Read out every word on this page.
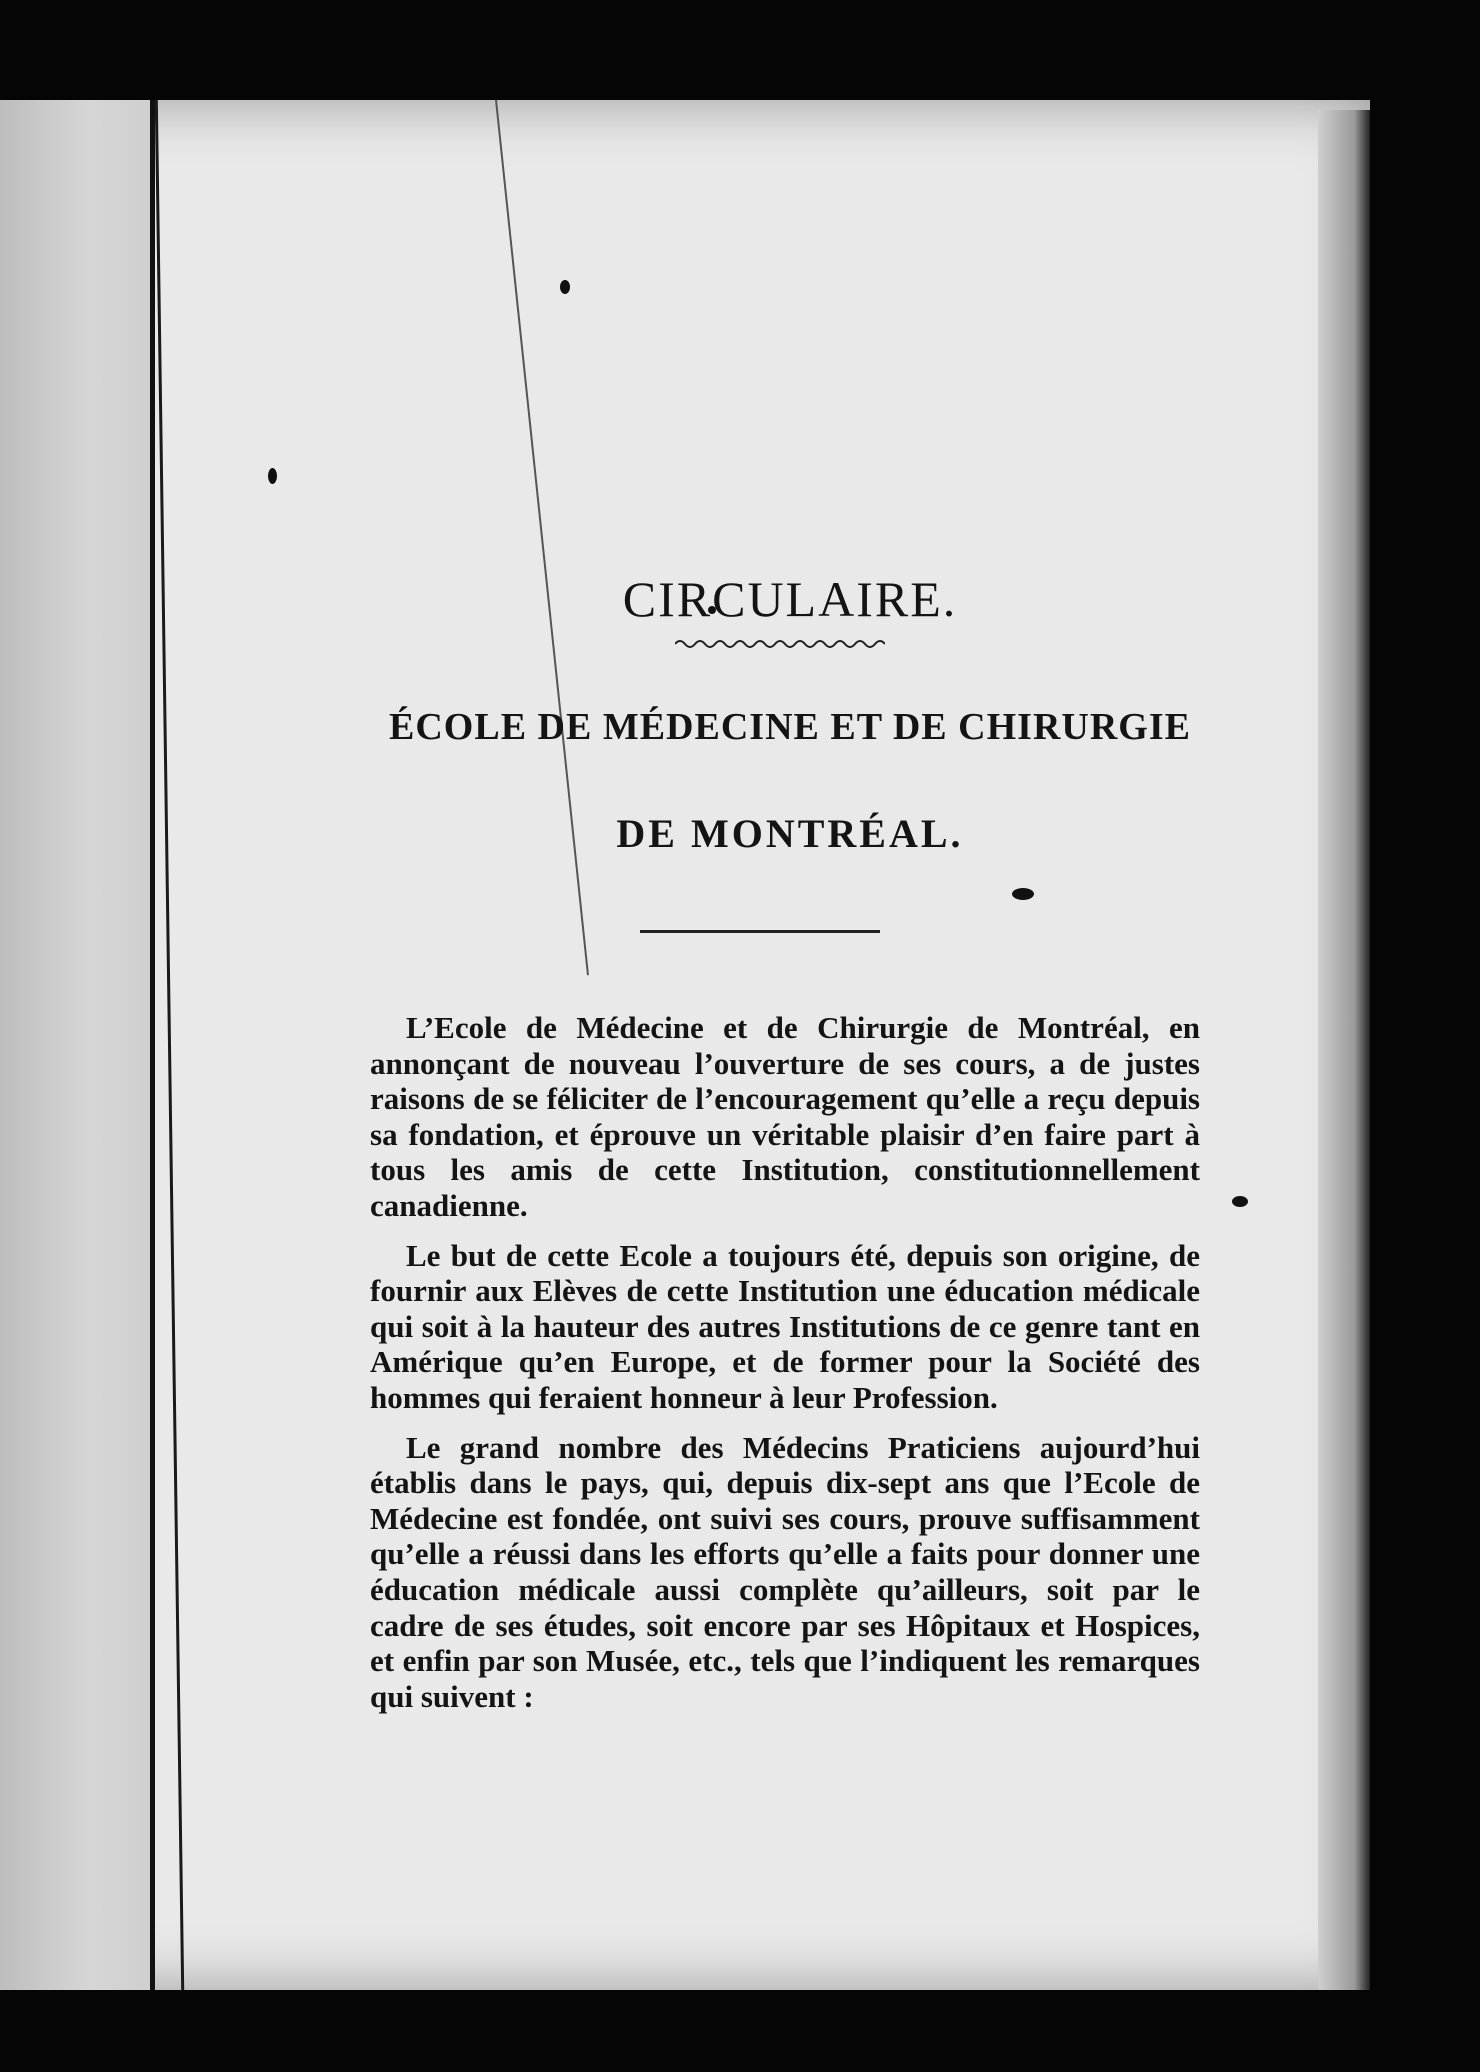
CIRCULAIRE.
ÉCOLE DE MÉDECINE ET DE CHIRURGIE
DE MONTRÉAL.

L’Ecole de Médecine et de Chirurgie de Montréal, en annonçant de nouveau l’ouverture de ses cours, a de justes raisons de se féliciter de l’encouragement qu’elle a reçu depuis sa fondation, et éprouve un véritable plaisir d’en faire part à tous les amis de cette Institution, constitutionnellement canadienne.

Le but de cette Ecole a toujours été, depuis son origine, de fournir aux Elèves de cette Institution une éducation médicale qui soit à la hauteur des autres Institutions de ce genre tant en Amérique qu’en Europe, et de former pour la Société des hommes qui feraient honneur à leur Profession.

Le grand nombre des Médecins Praticiens aujourd’hui établis dans le pays, qui, depuis dix-sept ans que l’Ecole de Médecine est fondée, ont suivi ses cours, prouve suffisamment qu’elle a réussi dans les efforts qu’elle a faits pour donner une éducation médicale aussi complète qu’ailleurs, soit par le cadre de ses études, soit encore par ses Hôpitaux et Hospices, et enfin par son Musée, etc., tels que l’indiquent les remarques qui suivent :
